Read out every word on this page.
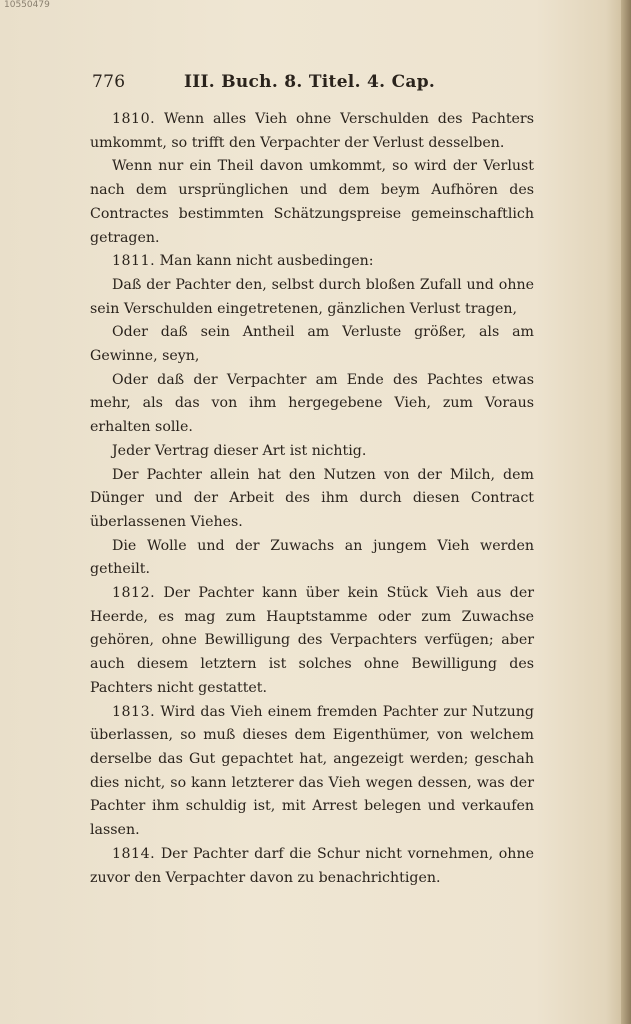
10550479
776	III. Buch. 8. Titel. 4. Cap.

1810. Wenn alles Vieh ohne Verschulden des Pachters umkommt, so trifft den Verpachter der Verlust desselben.

Wenn nur ein Theil davon umkommt, so wird der Verlust nach dem ursprünglichen und dem beym Aufhören des Contractes bestimmten Schätzungspreise gemeinschaftlich getragen.

1811. Man kann nicht ausbedingen:

Daß der Pachter den, selbst durch bloßen Zufall und ohne sein Verschulden eingetretenen, gänzlichen Verlust tragen,

Oder daß sein Antheil am Verluste größer, als am Gewinne, seyn,

Oder daß der Verpachter am Ende des Pachtes etwas mehr, als das von ihm hergegebene Vieh, zum Voraus erhalten solle.

Jeder Vertrag dieser Art ist nichtig.

Der Pachter allein hat den Nutzen von der Milch, dem Dünger und der Arbeit des ihm durch diesen Contract überlassenen Viehes.

Die Wolle und der Zuwachs an jungem Vieh werden getheilt.

1812. Der Pachter kann über kein Stück Vieh aus der Heerde, es mag zum Hauptstamme oder zum Zuwachse gehören, ohne Bewilligung des Verpachters verfügen; aber auch diesem letztern ist solches ohne Bewilligung des Pachters nicht gestattet.

1813. Wird das Vieh einem fremden Pachter zur Nutzung überlassen, so muß dieses dem Eigenthümer, von welchem derselbe das Gut gepachtet hat, angezeigt werden; geschah dies nicht, so kann letzterer das Vieh wegen dessen, was der Pachter ihm schuldig ist, mit Arrest belegen und verkaufen lassen.

1814. Der Pachter darf die Schur nicht vornehmen, ohne zuvor den Verpachter davon zu benachrichtigen.
